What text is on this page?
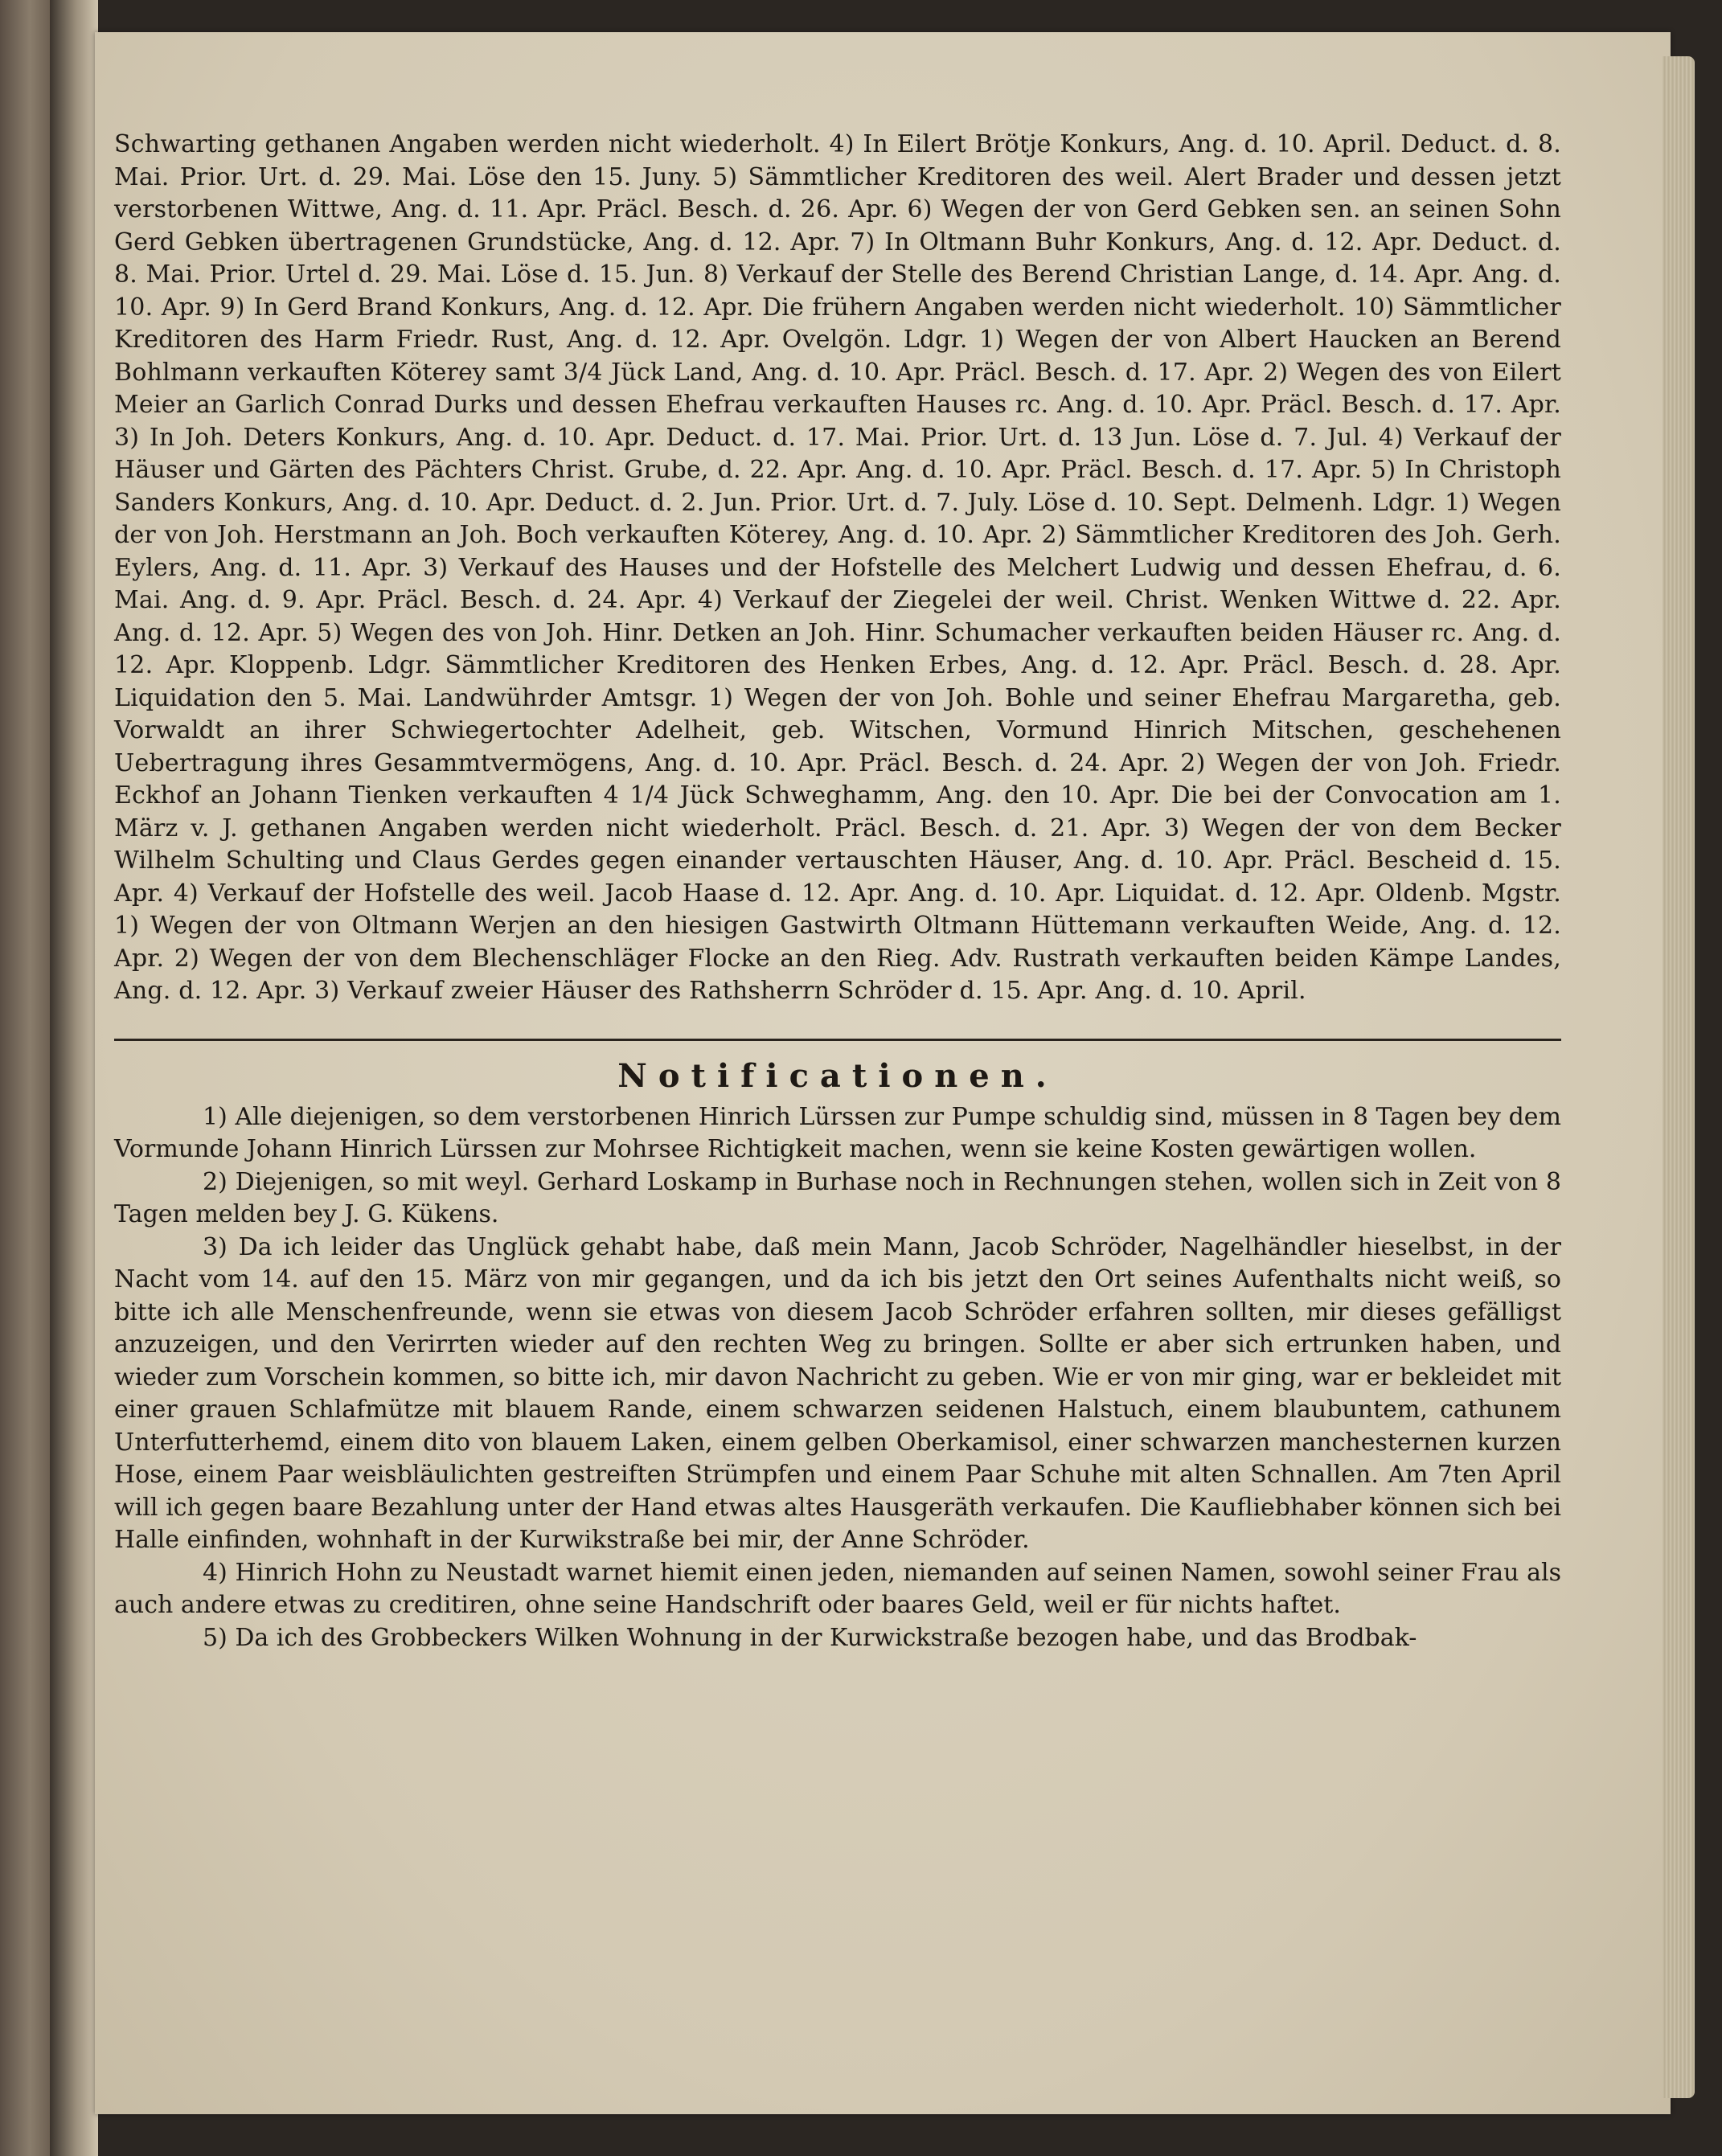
Schwarting gethanen Angaben werden nicht wiederholt. 4) In Eilert Brötje Konkurs, Ang. d. 10. April. Deduct. d. 8. Mai. Prior. Urt. d. 29. Mai. Löse den 15. Juny. 5) Sämmtlicher Kreditoren des weil. Alert Brader und dessen jetzt verstorbenen Wittwe, Ang. d. 11. Apr. Präcl. Besch. d. 26. Apr. 6) Wegen der von Gerd Gebken sen. an seinen Sohn Gerd Gebken übertragenen Grundstücke, Ang. d. 12. Apr. 7) In Oltmann Buhr Konkurs, Ang. d. 12. Apr. Deduct. d. 8. Mai. Prior. Urtel d. 29. Mai. Löse d. 15. Jun. 8) Verkauf der Stelle des Berend Christian Lange, d. 14. Apr. Ang. d. 10. Apr. 9) In Gerd Brand Konkurs, Ang. d. 12. Apr. Die frühern Angaben werden nicht wiederholt. 10) Sämmtlicher Kreditoren des Harm Friedr. Rust, Ang. d. 12. Apr. Ovelgön. Ldgr. 1) Wegen der von Albert Haucken an Berend Bohlmann verkauften Köterey samt 3/4 Jück Land, Ang. d. 10. Apr. Präcl. Besch. d. 17. Apr. 2) Wegen des von Eilert Meier an Garlich Conrad Durks und dessen Ehefrau verkauften Hauses rc. Ang. d. 10. Apr. Präcl. Besch. d. 17. Apr. 3) In Joh. Deters Konkurs, Ang. d. 10. Apr. Deduct. d. 17. Mai. Prior. Urt. d. 13 Jun. Löse d. 7. Jul. 4) Verkauf der Häuser und Gärten des Pächters Christ. Grube, d. 22. Apr. Ang. d. 10. Apr. Präcl. Besch. d. 17. Apr. 5) In Christoph Sanders Konkurs, Ang. d. 10. Apr. Deduct. d. 2. Jun. Prior. Urt. d. 7. July. Löse d. 10. Sept. Delmenh. Ldgr. 1) Wegen der von Joh. Herstmann an Joh. Boch verkauften Köterey, Ang. d. 10. Apr. 2) Sämmtlicher Kreditoren des Joh. Gerh. Eylers, Ang. d. 11. Apr. 3) Verkauf des Hauses und der Hofstelle des Melchert Ludwig und dessen Ehefrau, d. 6. Mai. Ang. d. 9. Apr. Präcl. Besch. d. 24. Apr. 4) Verkauf der Ziegelei der weil. Christ. Wenken Wittwe d. 22. Apr. Ang. d. 12. Apr. 5) Wegen des von Joh. Hinr. Detken an Joh. Hinr. Schumacher verkauften beiden Häuser rc. Ang. d. 12. Apr. Kloppenb. Ldgr. Sämmtlicher Kreditoren des Henken Erbes, Ang. d. 12. Apr. Präcl. Besch. d. 28. Apr. Liquidation den 5. Mai. Landwührder Amtsgr. 1) Wegen der von Joh. Bohle und seiner Ehefrau Margaretha, geb. Vorwaldt an ihrer Schwiegertochter Adelheit, geb. Witschen, Vormund Hinrich Mitschen, geschehenen Uebertragung ihres Gesammtvermögens, Ang. d. 10. Apr. Präcl. Besch. d. 24. Apr. 2) Wegen der von Joh. Friedr. Eckhof an Johann Tienken verkauften 4 1/4 Jück Schweghamm, Ang. den 10. Apr. Die bei der Convocation am 1. März v. J. gethanen Angaben werden nicht wiederholt. Präcl. Besch. d. 21. Apr. 3) Wegen der von dem Becker Wilhelm Schulting und Claus Gerdes gegen einander vertauschten Häuser, Ang. d. 10. Apr. Präcl. Bescheid d. 15. Apr. 4) Verkauf der Hofstelle des weil. Jacob Haase d. 12. Apr. Ang. d. 10. Apr. Liquidat. d. 12. Apr. Oldenb. Mgstr. 1) Wegen der von Oltmann Werjen an den hiesigen Gastwirth Oltmann Hüttemann verkauften Weide, Ang. d. 12. Apr. 2) Wegen der von dem Blechenschläger Flocke an den Rieg. Adv. Rustrath verkauften beiden Kämpe Landes, Ang. d. 12. Apr. 3) Verkauf zweier Häuser des Rathsherrn Schröder d. 15. Apr. Ang. d. 10. April.

Notificationen.

1) Alle diejenigen, so dem verstorbenen Hinrich Lürssen zur Pumpe schuldig sind, müssen in 8 Tagen bey dem Vormunde Johann Hinrich Lürssen zur Mohrsee Richtigkeit machen, wenn sie keine Kosten gewärtigen wollen.

2) Diejenigen, so mit weyl. Gerhard Loskamp in Burhase noch in Rechnungen stehen, wollen sich in Zeit von 8 Tagen melden bey J. G. Kükens.

3) Da ich leider das Unglück gehabt habe, daß mein Mann, Jacob Schröder, Nagelhändler hieselbst, in der Nacht vom 14. auf den 15. März von mir gegangen, und da ich bis jetzt den Ort seines Aufenthalts nicht weiß, so bitte ich alle Menschenfreunde, wenn sie etwas von diesem Jacob Schröder erfahren sollten, mir dieses gefälligst anzuzeigen, und den Verirrten wieder auf den rechten Weg zu bringen. Sollte er aber sich ertrunken haben, und wieder zum Vorschein kommen, so bitte ich, mir davon Nachricht zu geben. Wie er von mir ging, war er bekleidet mit einer grauen Schlafmütze mit blauem Rande, einem schwarzen seidenen Halstuch, einem blaubuntem, cathunem Unterfutterhemd, einem dito von blauem Laken, einem gelben Oberkamisol, einer schwarzen manchesternen kurzen Hose, einem Paar weisbläulichten gestreiften Strümpfen und einem Paar Schuhe mit alten Schnallen. Am 7ten April will ich gegen baare Bezahlung unter der Hand etwas altes Hausgeräth verkaufen. Die Kaufliebhaber können sich bei Halle einfinden, wohnhaft in der Kurwikstraße bei mir, der Anne Schröder.

4) Hinrich Hohn zu Neustadt warnet hiemit einen jeden, niemanden auf seinen Namen, sowohl seiner Frau als auch andere etwas zu creditiren, ohne seine Handschrift oder baares Geld, weil er für nichts haftet.

5) Da ich des Grobbeckers Wilken Wohnung in der Kurwickstraße bezogen habe, und das Brodbak-
